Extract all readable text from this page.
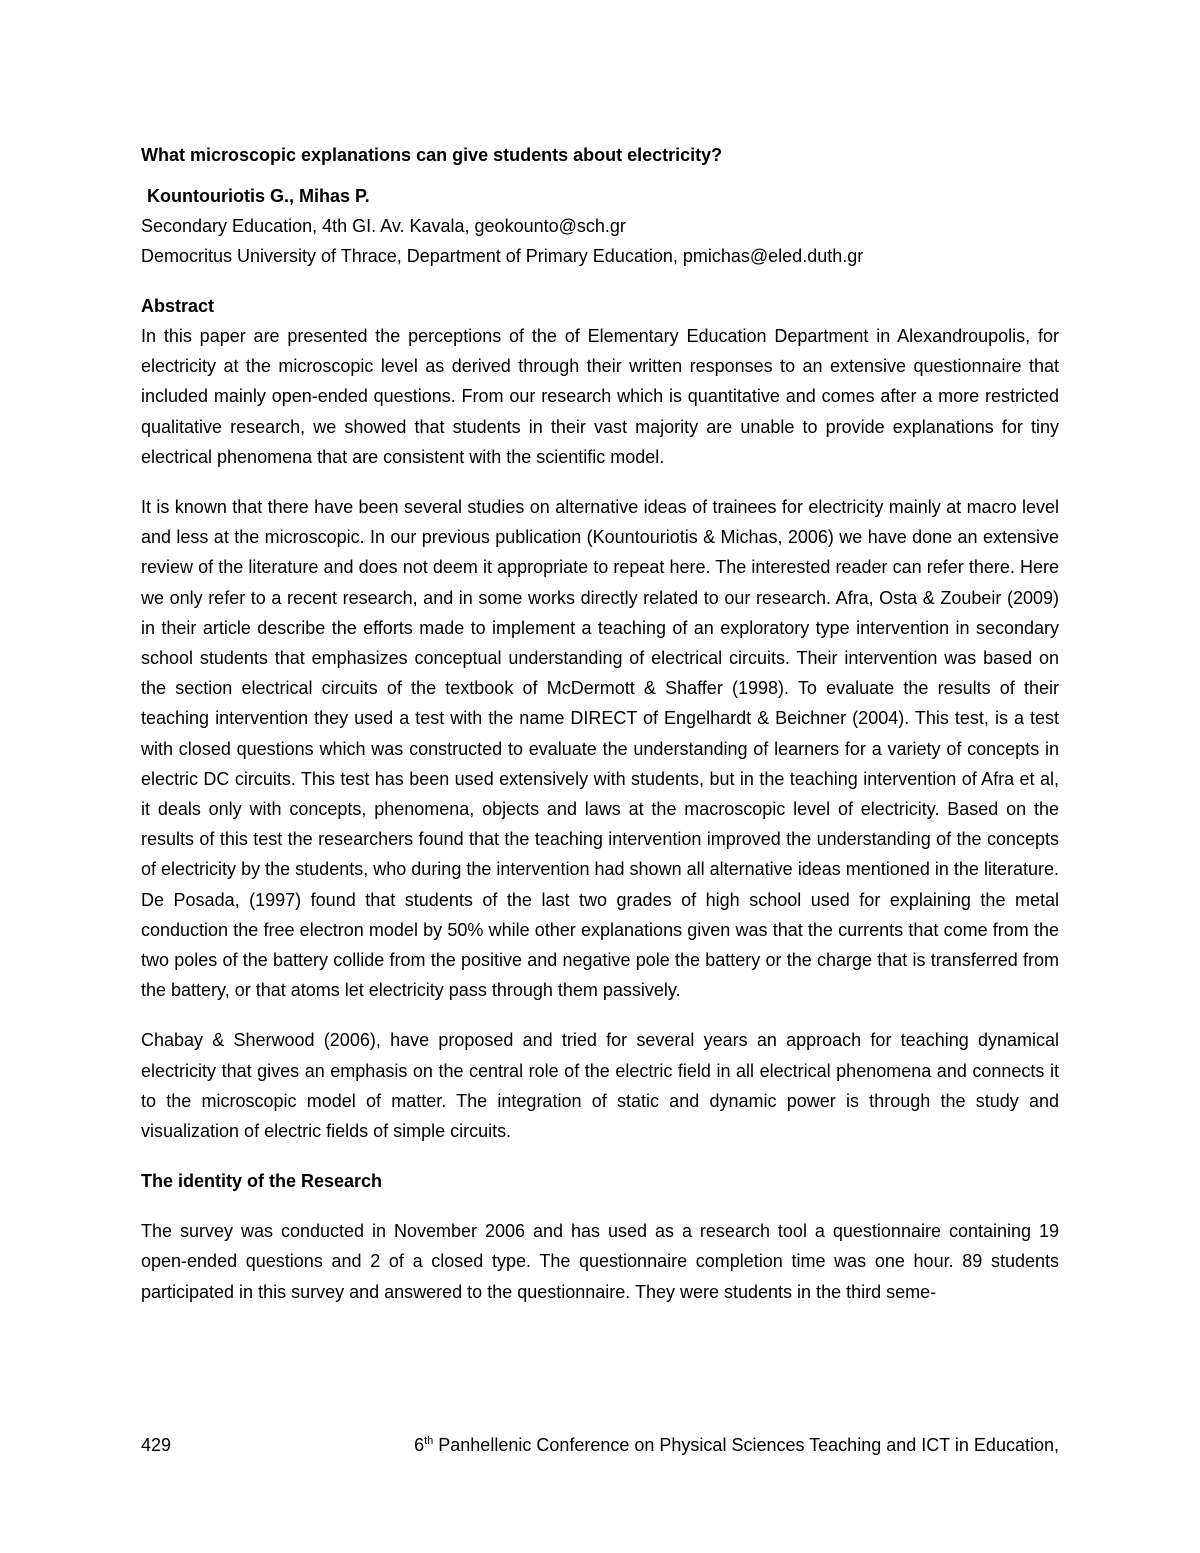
What microscopic explanations can give students about electricity?

Kountouriotis G., Mihas P.

Secondary Education, 4th GI. Av. Kavala, geokounto@sch.gr

Democritus University of Thrace, Department of Primary Education, pmichas@eled.duth.gr

Abstract

In this paper are presented the perceptions of the of Elementary Education Department in Alexandroupolis, for electricity at the microscopic level as derived through their written responses to an extensive questionnaire that included mainly open-ended questions. From our research which is quantitative and comes after a more restricted qualitative research, we showed that students in their vast majority are unable to provide explanations for tiny electrical phenomena that are consistent with the scientific model.

It is known that there have been several studies on alternative ideas of trainees for electricity mainly at macro level and less at the microscopic. In our previous publication (Kountouriotis & Michas, 2006) we have done an extensive review of the literature and does not deem it appropriate to repeat here. The interested reader can refer there. Here we only refer to a recent research, and in some works directly related to our research. Afra, Osta & Zoubeir (2009) in their article describe the efforts made to implement a teaching of an exploratory type intervention in secondary school students that emphasizes conceptual understanding of electrical circuits. Their intervention was based on the section electrical circuits of the textbook of McDermott & Shaffer (1998). To evaluate the results of their teaching intervention they used a test with the name DIRECT of Engelhardt & Beichner (2004). This test, is a test with closed questions which was constructed to evaluate the understanding of learners for a variety of concepts in electric DC circuits. This test has been used extensively with students, but in the teaching intervention of Afra et al, it deals only with concepts, phenomena, objects and laws at the macroscopic level of electricity. Based on the results of this test the researchers found that the teaching intervention improved the understanding of the concepts of electricity by the students, who during the intervention had shown all alternative ideas mentioned in the literature. De Posada, (1997) found that students of the last two grades of high school used for explaining the metal conduction the free electron model by 50% while other explanations given was that the currents that come from the two poles of the battery collide from the positive and negative pole the battery or the charge that is transferred from the battery, or that atoms let electricity pass through them passively.

Chabay & Sherwood (2006), have proposed and tried for several years an approach for teaching dynamical electricity that gives an emphasis on the central role of the electric field in all electrical phenomena and connects it to the microscopic model of matter. The integration of static and dynamic power is through the study and visualization of electric fields of simple circuits.

The identity of the Research

The survey was conducted in November 2006 and has used as a research tool a questionnaire containing 19 open-ended questions and 2 of a closed type. The questionnaire completion time was one hour. 89 students participated in this survey and answered to the questionnaire. They were students in the third seme-

429	6th Panhellenic Conference on Physical Sciences Teaching and ICT in Education,
